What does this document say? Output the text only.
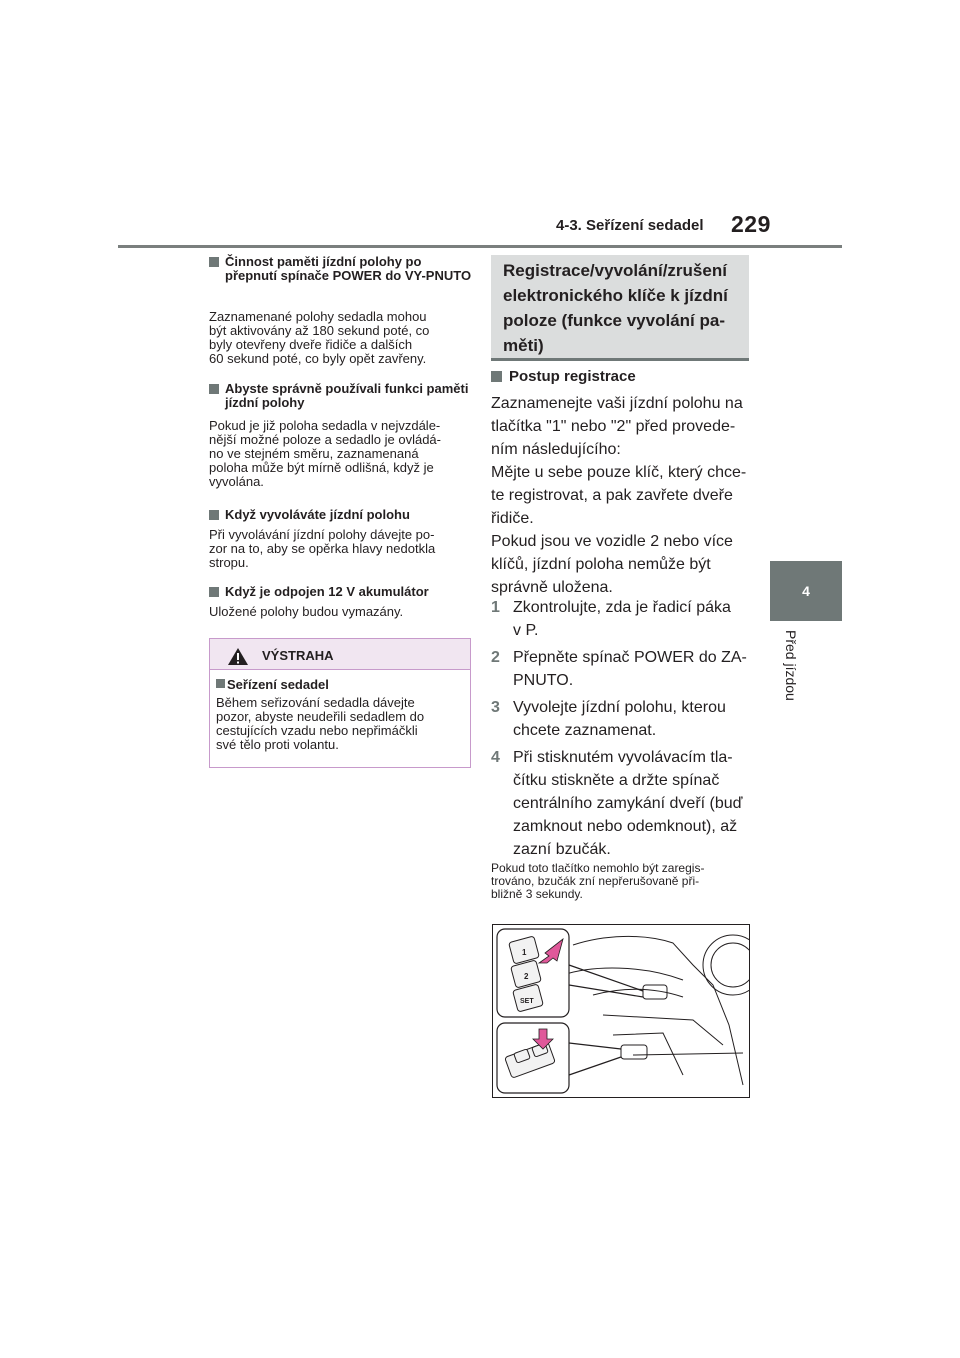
4-3. Seřízení sedadel 229
4
Před jízdou
Činnost paměti jízdní polohy po přepnutí spínače POWER do VY-PNUTO
Zaznamenané polohy sedadla mohou
být aktivovány až 180 sekund poté, co
byly otevřeny dveře řidiče a dalších
60 sekund poté, co byly opět zavřeny.
Abyste správně používali funkci paměti jízdní polohy
Pokud je již poloha sedadla v nejvzdále-
nější možné poloze a sedadlo je ovládá-
no ve stejném směru, zaznamenaná
poloha může být mírně odlišná, když je
vyvolána.
Když vyvoláváte jízdní polohu
Při vyvolávání jízdní polohy dávejte po-
zor na to, aby se opěrka hlavy nedotkla
stropu.
Když je odpojen 12 V akumulátor
Uložené polohy budou vymazány.
VÝSTRAHA
Seřízení sedadel
Během seřizování sedadla dávejte
pozor, abyste neudeřili sedadlem do
cestujících vzadu nebo nepřimáčkli
své tělo proti volantu.
Registrace/vyvolání/zrušení
elektronického klíče k jízdní
poloze (funkce vyvolání pa-
měti)
Postup registrace
Zaznamenejte vaši jízdní polohu na
tlačítka "1" nebo "2" před provede-
ním následujícího:
Mějte u sebe pouze klíč, který chce-
te registrovat, a pak zavřete dveře
řidiče.
Pokud jsou ve vozidle 2 nebo více
klíčů, jízdní poloha nemůže být
správně uložena.
1 Zkontrolujte, zda je řadicí páka
v P.
2 Přepněte spínač POWER do ZA-
PNUTO.
3 Vyvolejte jízdní polohu, kterou
chcete zaznamenat.
4 Při stisknutém vyvolávacím tla-
čítku stiskněte a držte spínač
centrálního zamykání dveří (buď
zamknout nebo odemknout), až
zazní bzučák.
Pokud toto tlačítko nemohlo být zaregis-
trováno, bzučák zní nepřerušovaně při-
bližně 3 sekundy.
1
2
SET
